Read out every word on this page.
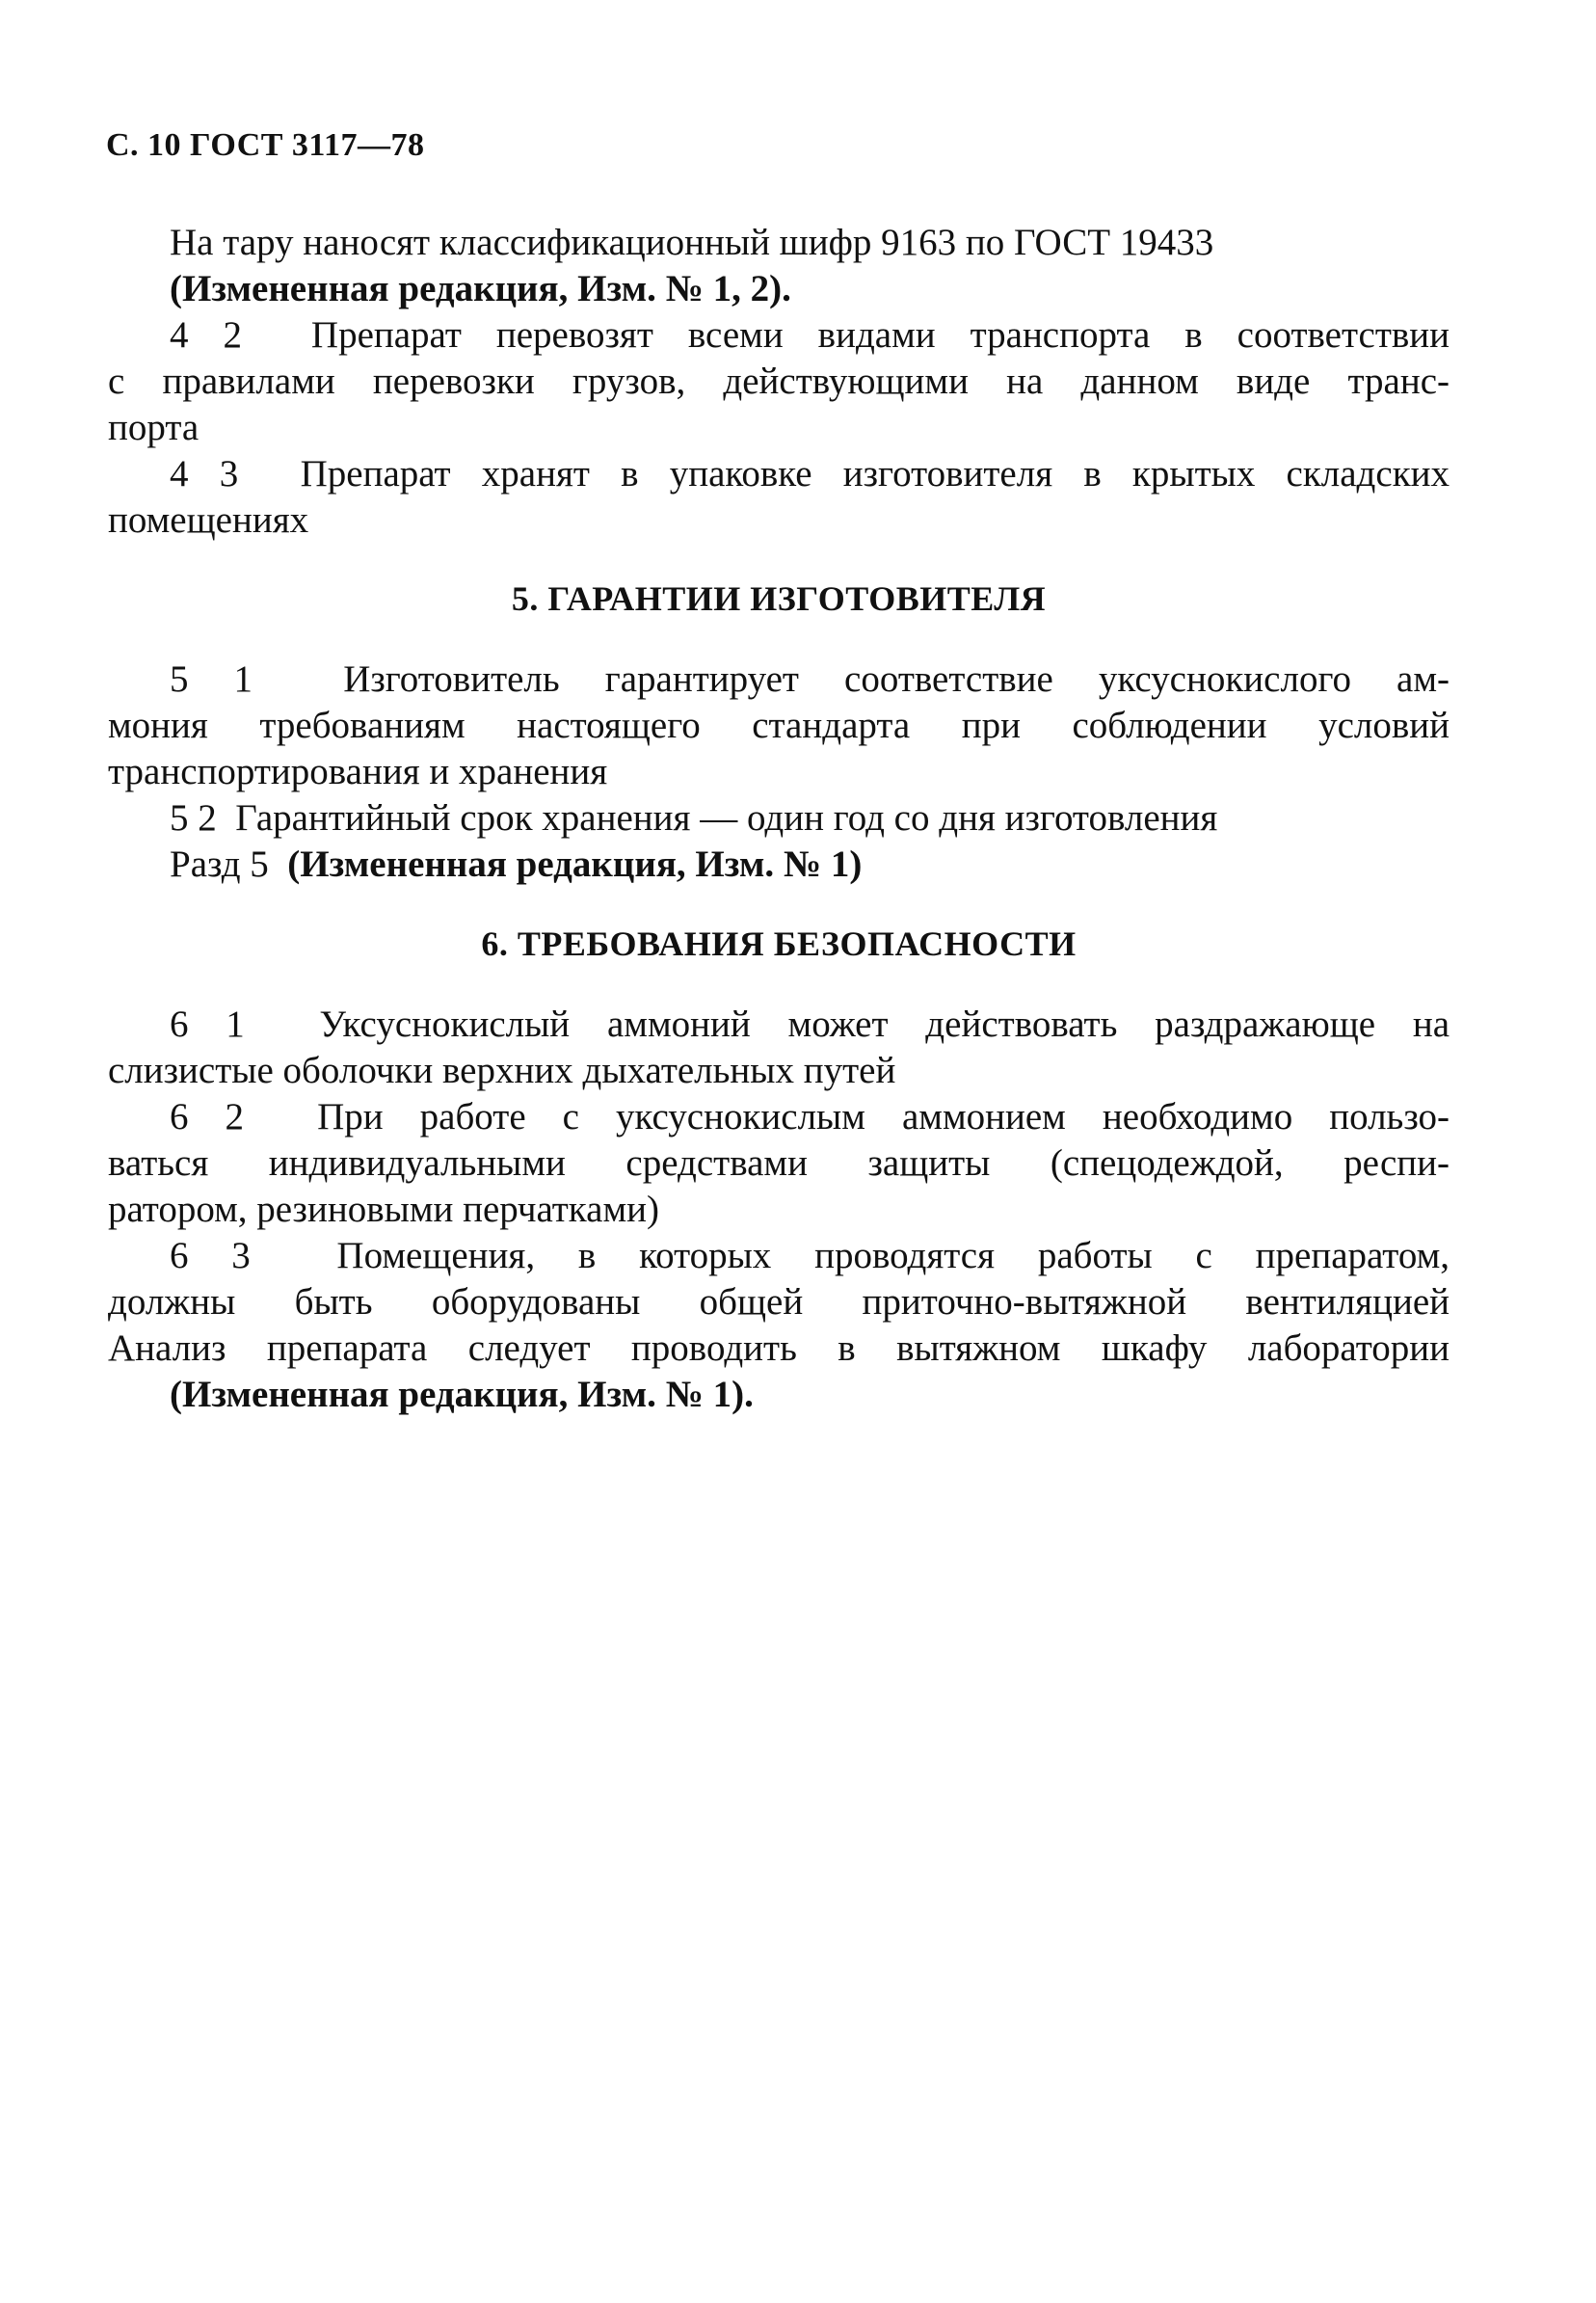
С. 10 ГОСТ 3117—78
На тару наносят классификационный шифр 9163 по ГОСТ 19433
(Измененная редакция, Изм. № 1, 2).
4 2 Препарат перевозят всеми видами транспорта в соответствии
с правилами перевозки грузов, действующими на данном виде транс-
порта
4 3 Препарат хранят в упаковке изготовителя в крытых складских
помещениях
5. ГАРАНТИИ ИЗГОТОВИТЕЛЯ
5 1 Изготовитель гарантирует соответствие уксуснокислого ам-
мония требованиям настоящего стандарта при соблюдении условий
транспортирования и хранения
5 2 Гарантийный срок хранения — один год со дня изготовления
Разд 5 (Измененная редакция, Изм. № 1)
6. ТРЕБОВАНИЯ БЕЗОПАСНОСТИ
6 1 Уксуснокислый аммоний может действовать раздражающе на
слизистые оболочки верхних дыхательных путей
6 2 При работе с уксуснокислым аммонием необходимо пользо-
ваться индивидуальными средствами защиты (спецодеждой, респи-
ратором, резиновыми перчатками)
6 3 Помещения, в которых проводятся работы с препаратом,
должны быть оборудованы общей приточно-вытяжной вентиляцией
Анализ препарата следует проводить в вытяжном шкафу лаборатории
(Измененная редакция, Изм. № 1).
